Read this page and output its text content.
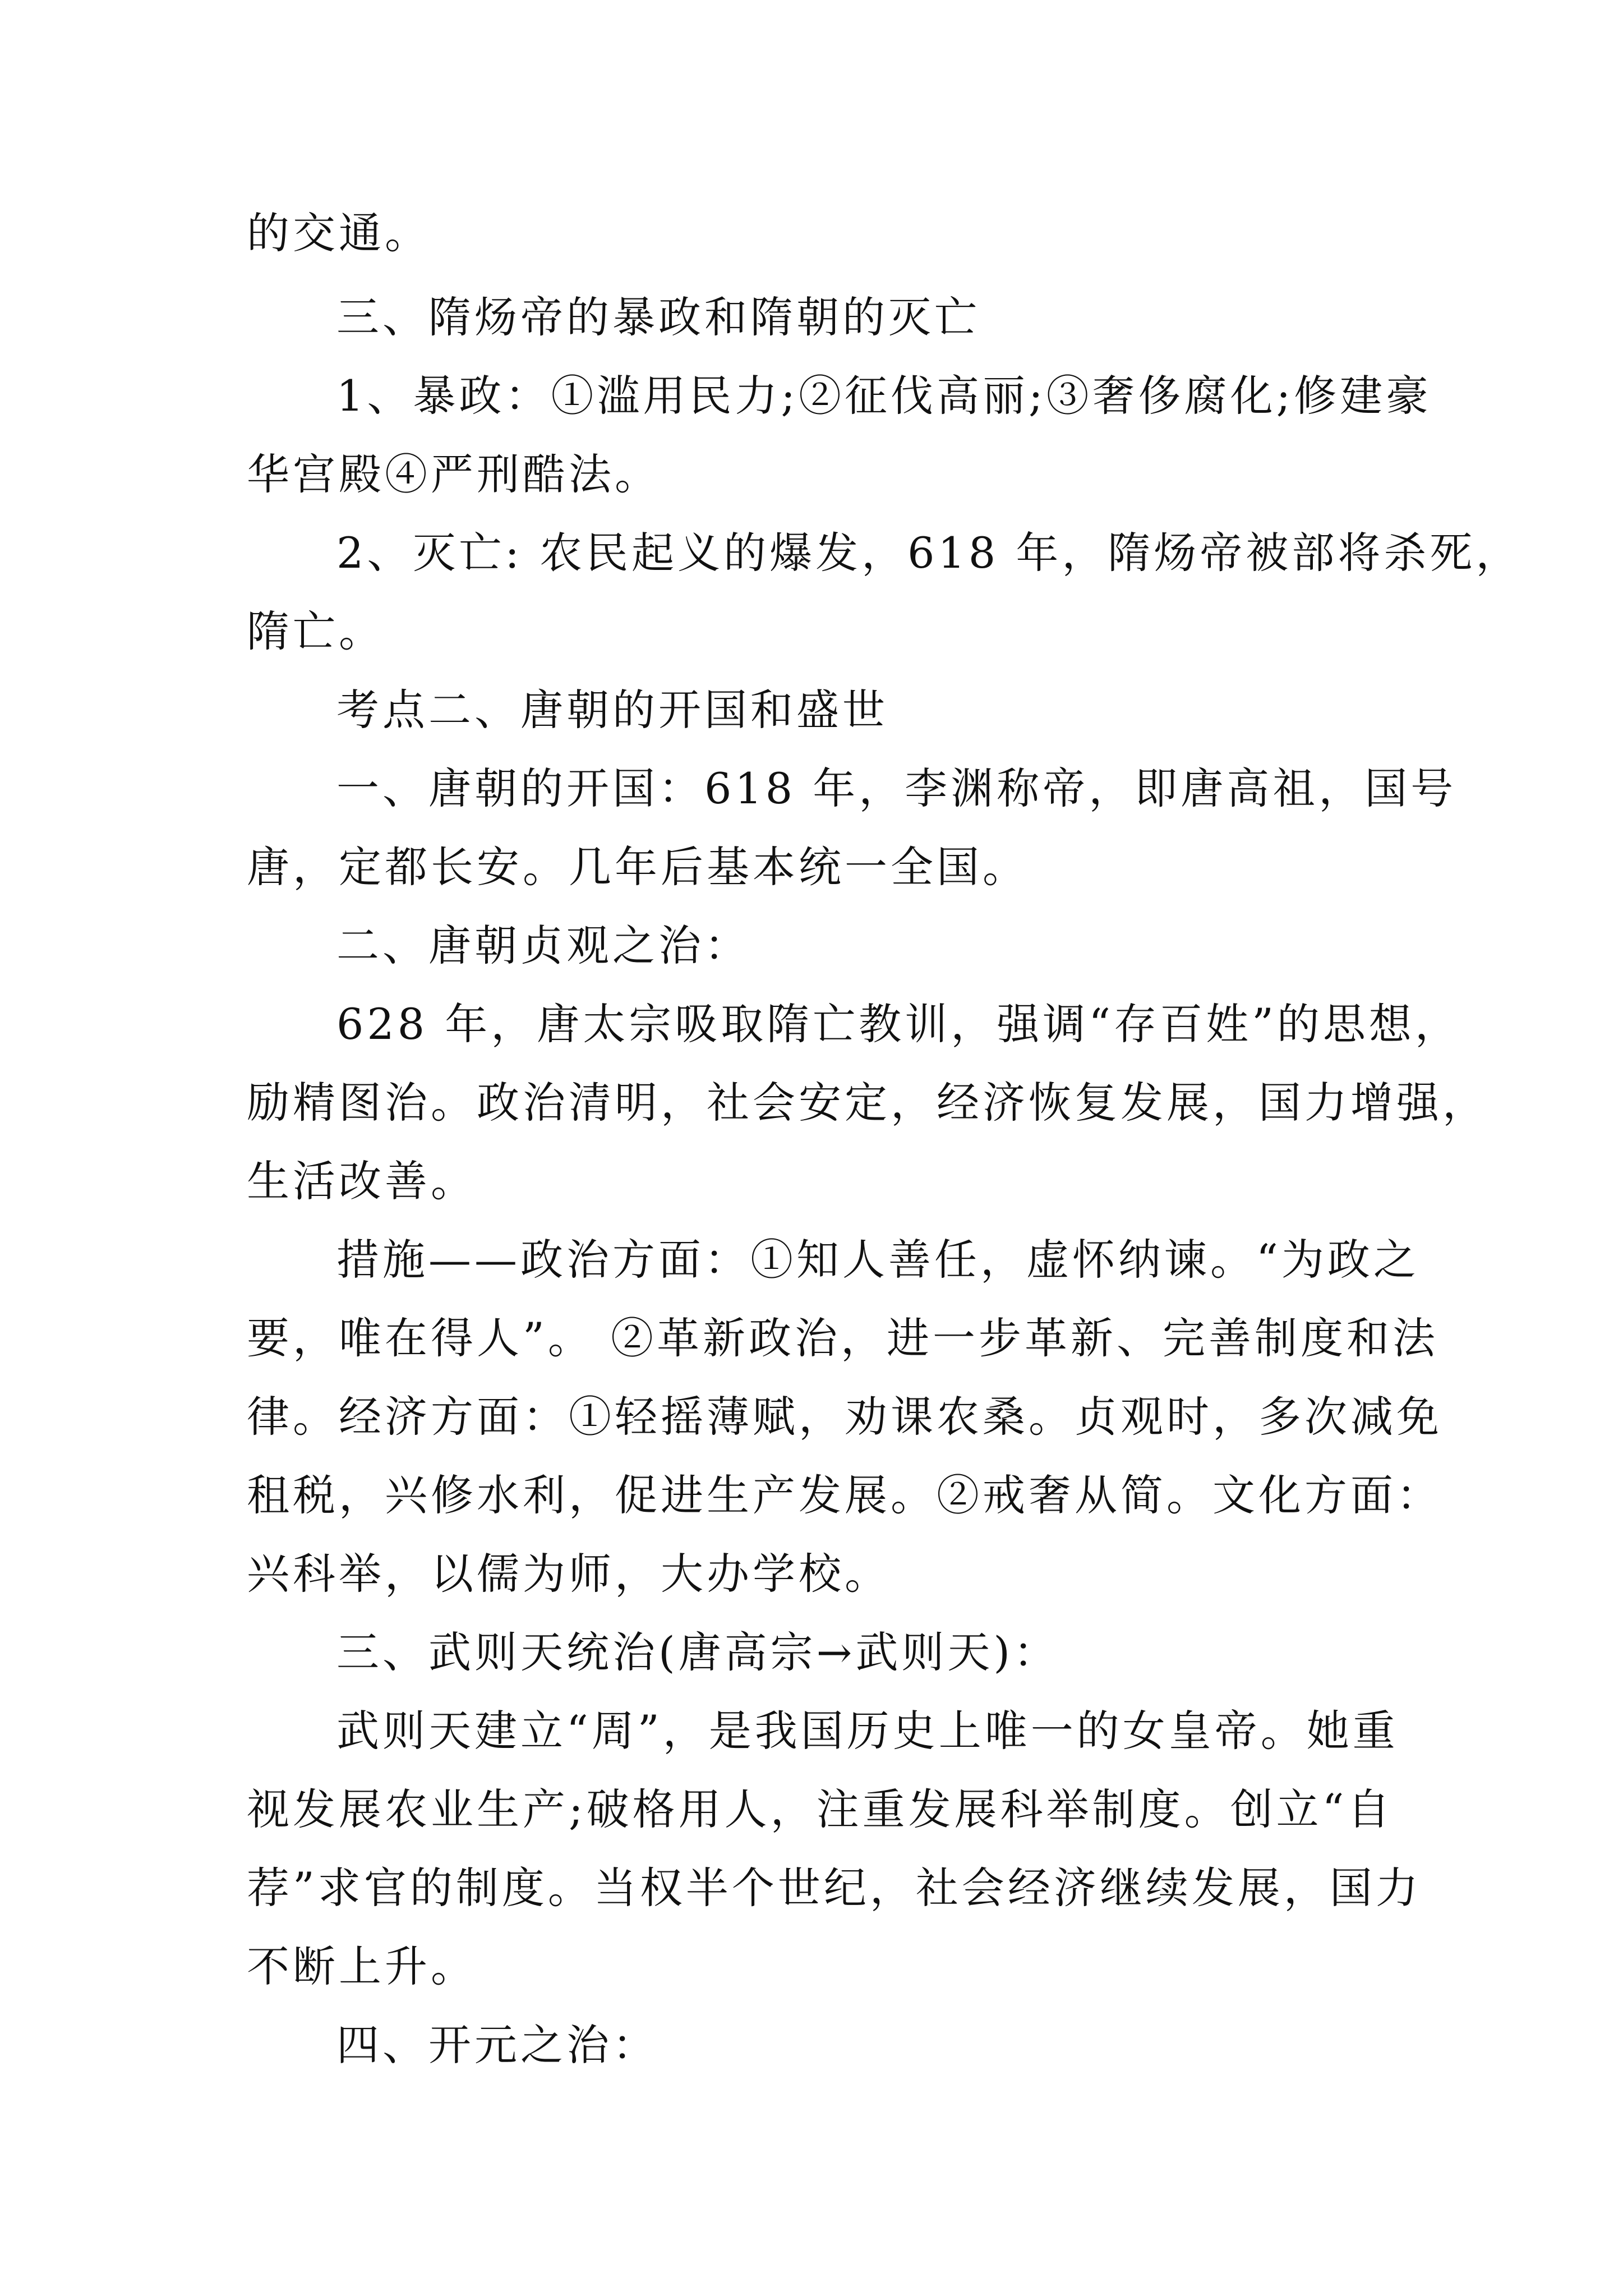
的交通。
三、隋炀帝的暴政和隋朝的灭亡
1、暴政：①滥用民力;②征伐高丽;③奢侈腐化;修建豪
华宫殿④严刑酷法。
2、灭亡: 农民起义的爆发，618 年，隋炀帝被部将杀死，
隋亡。
考点二、唐朝的开国和盛世
一、唐朝的开国：618 年，李渊称帝，即唐高祖，国号
唐，定都长安。几年后基本统一全国。
二、唐朝贞观之治：
628 年，唐太宗吸取隋亡教训，强调“存百姓”的思想，
励精图治。政治清明，社会安定，经济恢复发展，国力增强，
生活改善。
措施——政治方面：①知人善任，虚怀纳谏。“为政之
要，唯在得人”。 ②革新政治，进一步革新、完善制度和法
律。经济方面：①轻摇薄赋，劝课农桑。贞观时，多次减免
租税，兴修水利，促进生产发展。②戒奢从简。文化方面：
兴科举，以儒为师，大办学校。
三、武则天统治(唐高宗→武则天)：
武则天建立“周”，是我国历史上唯一的女皇帝。她重
视发展农业生产;破格用人，注重发展科举制度。创立“自
荐”求官的制度。当权半个世纪，社会经济继续发展，国力
不断上升。
四、开元之治：
